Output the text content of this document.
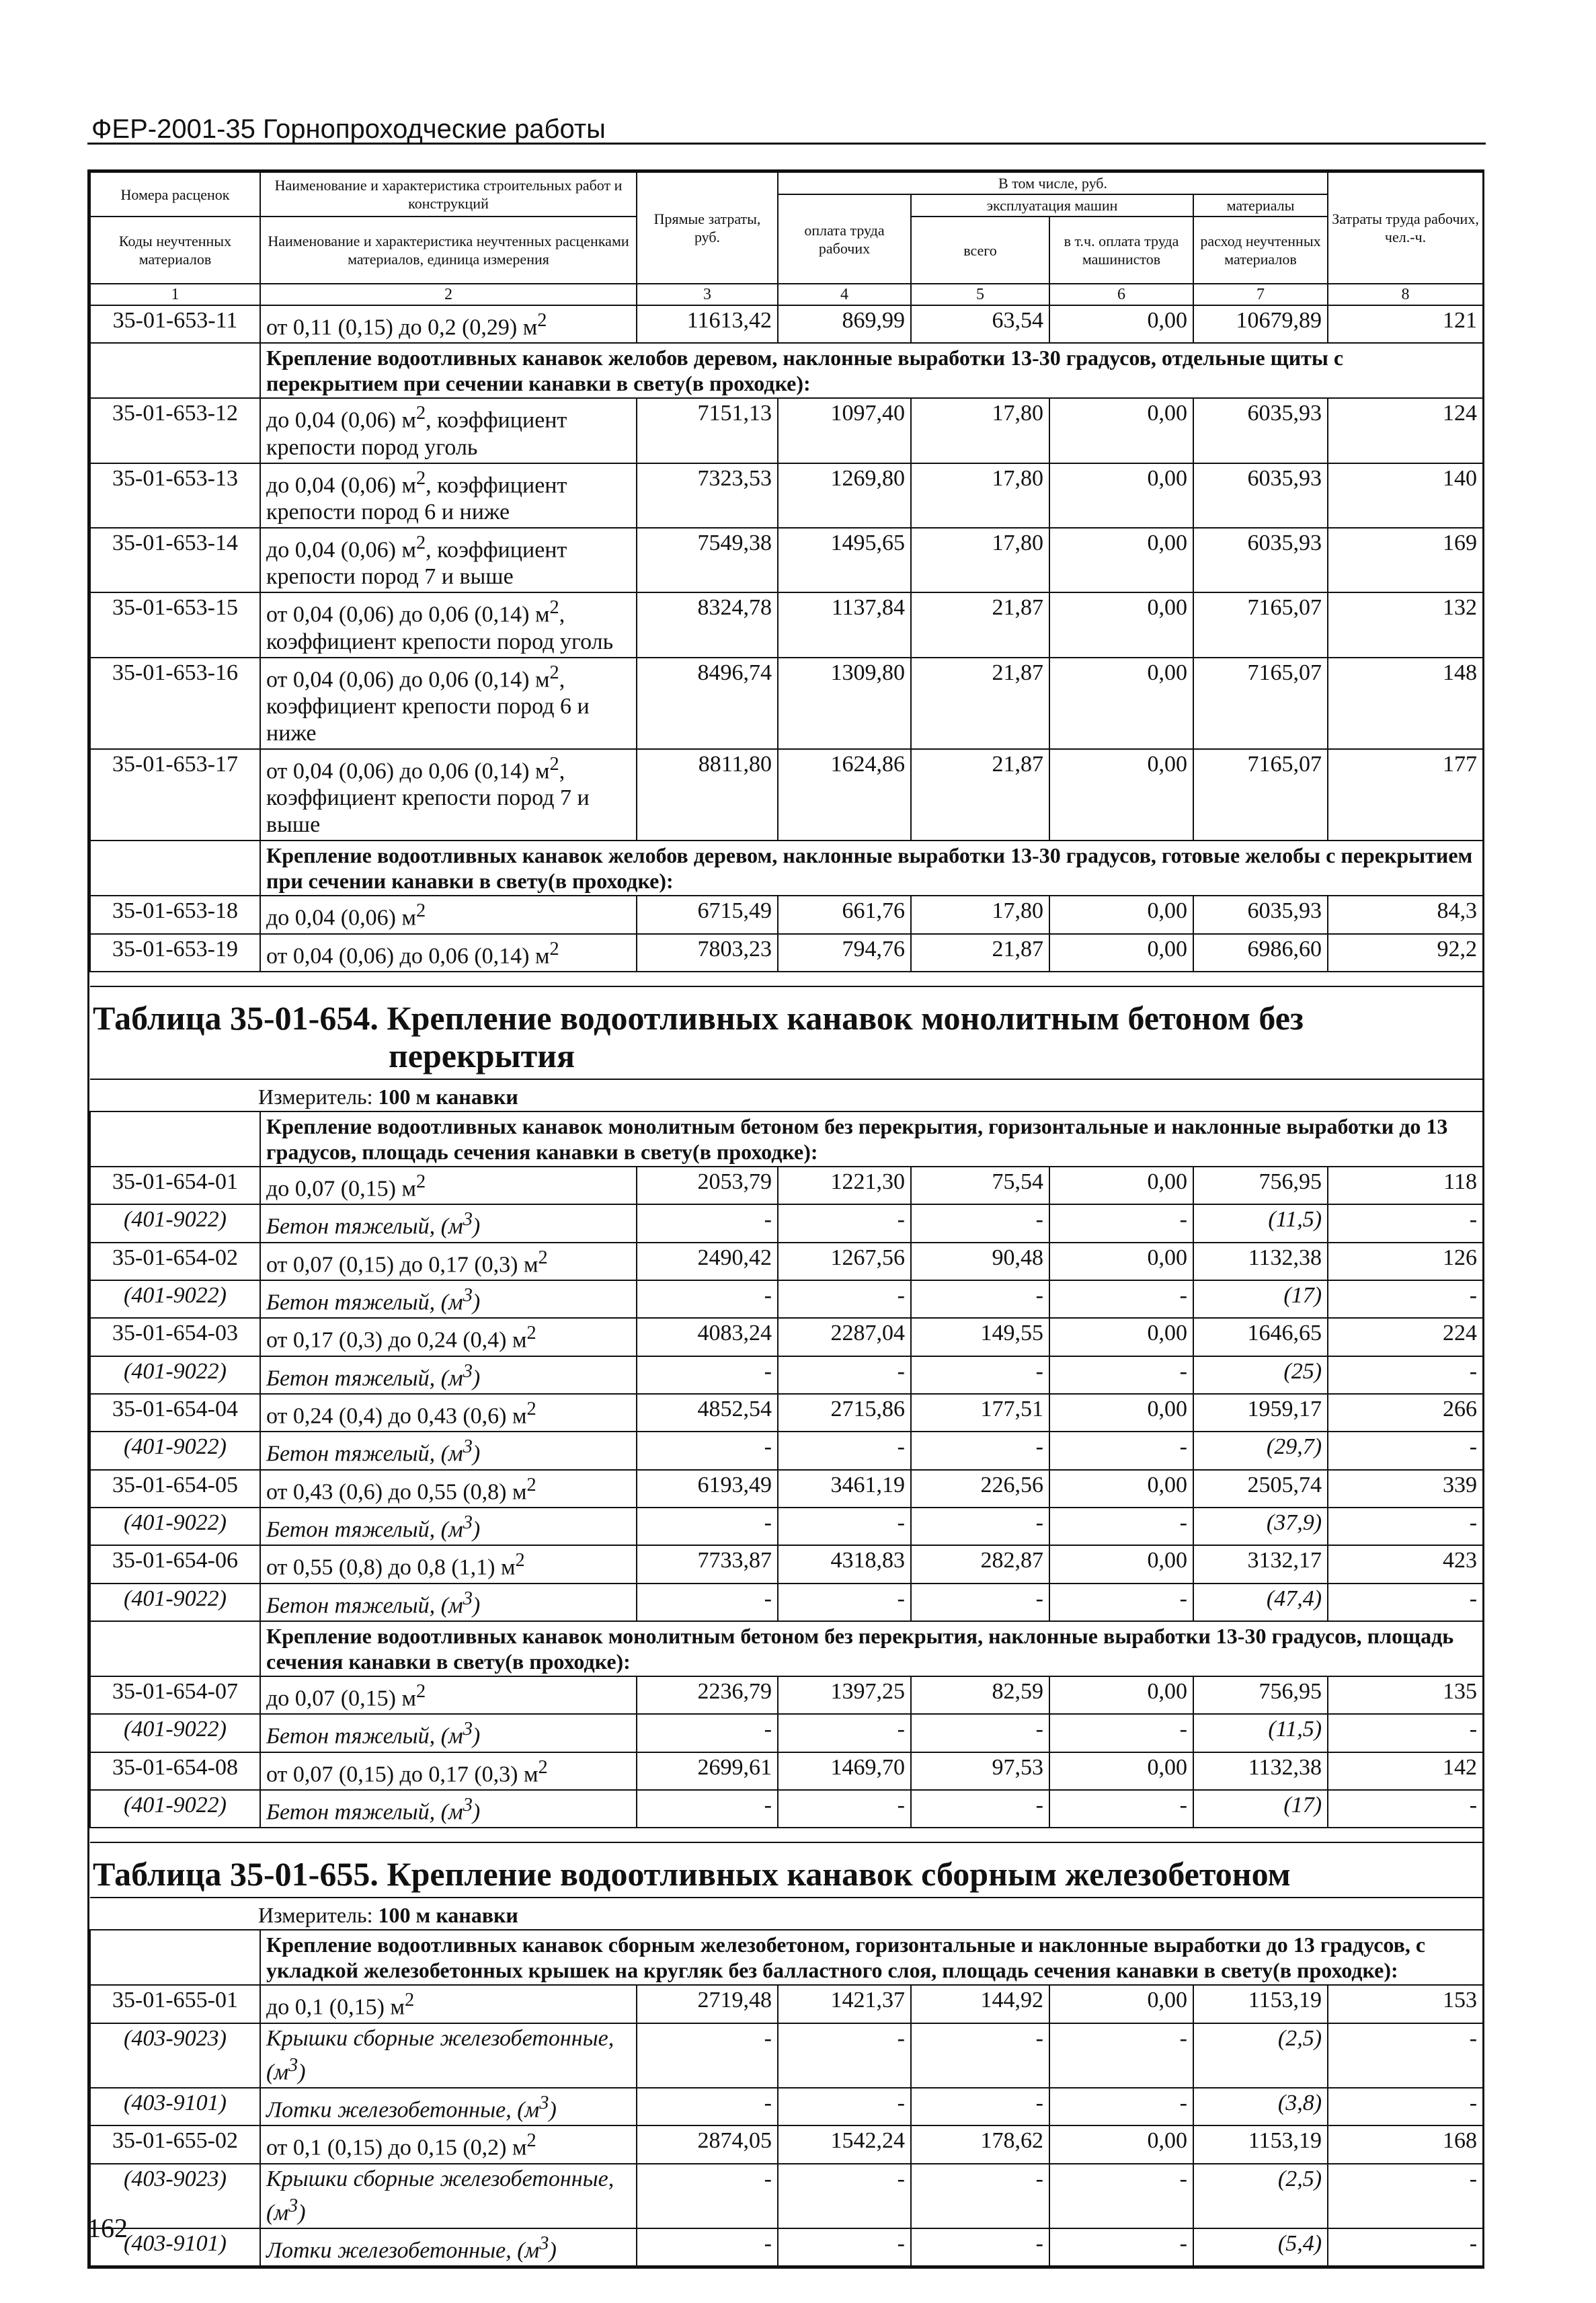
ФЕР-2001-35 Горнопроходческие работы
Номера расценок	Наименование и характеристика строительных работ и конструкций	Прямые затраты, руб.	В том числе, руб.				Затраты труда рабочих, чел.-ч.
			оплата труда рабочих	эксплуатация машин		материалы	
Коды неучтенных материалов	Наименование и характеристика неучтенных расценками материалов, единица измерения			всего	в т.ч. оплата труда машинистов	расход неучтенных материалов	

1	2	3	4	5	6	7	8
35-01-653-11	от 0,11 (0,15) до 0,2 (0,29) $м^2$	11613,42	869,99	63,54	0,00	10679,89	121
	Крепление водоотливных канавок желобов деревом, наклонные выработки 13-30 градусов, отдельные щиты с перекрытием при сечении канавки в свету(в проходке):						
35-01-653-12	до 0,04 (0,06) $м^2$, коэффициент крепости пород уголь	7151,13	1097,40	17,80	0,00	6035,93	124
35-01-653-13	до 0,04 (0,06) $м^2$, коэффициент крепости пород 6 и ниже	7323,53	1269,80	17,80	0,00	6035,93	140
35-01-653-14	до 0,04 (0,06) $м^2$, коэффициент крепости пород 7 и выше	7549,38	1495,65	17,80	0,00	6035,93	169
35-01-653-15	от 0,04 (0,06) до 0,06 (0,14) $м^2$, коэффициент крепости пород уголь	8324,78	1137,84	21,87	0,00	7165,07	132
35-01-653-16	от 0,04 (0,06) до 0,06 (0,14) $м^2$, коэффициент крепости пород 6 и ниже	8496,74	1309,80	21,87	0,00	7165,07	148
35-01-653-17	от 0,04 (0,06) до 0,06 (0,14) $м^2$, коэффициент крепости пород 7 и выше	8811,80	1624,86	21,87	0,00	7165,07	177
	Крепление водоотливных канавок желобов деревом, наклонные выработки 13-30 градусов, готовые желобы с перекрытием при сечении канавки в свету(в проходке):						
35-01-653-18	до 0,04 (0,06) $м^2$	6715,49	661,76	17,80	0,00	6035,93	84,3
35-01-653-19	от 0,04 (0,06) до 0,06 (0,14) $м^2$	7803,23	794,76	21,87	0,00	6986,60	92,2

Таблица 35-01-654. Крепление водоотливных канавок монолитным бетоном без
перекрытия							

Измеритель: 100 м канавки							
	Крепление водоотливных канавок монолитным бетоном без перекрытия, горизонтальные и наклонные выработки до 13 градусов, площадь сечения канавки в свету(в проходке):						
35-01-654-01	до 0,07 (0,15) $м^2$	2053,79	1221,30	75,54	0,00	756,95	118
(401-9022)	Бетон тяжелый, $(м^3)$	-	-	-	-	(11,5)	-
35-01-654-02	от 0,07 (0,15) до 0,17 (0,3) $м^2$	2490,42	1267,56	90,48	0,00	1132,38	126
(401-9022)	Бетон тяжелый, $(м^3)$	-	-	-	-	(17)	-
35-01-654-03	от 0,17 (0,3) до 0,24 (0,4) $м^2$	4083,24	2287,04	149,55	0,00	1646,65	224
(401-9022)	Бетон тяжелый, $(м^3)$	-	-	-	-	(25)	-
35-01-654-04	от 0,24 (0,4) до 0,43 (0,6) $м^2$	4852,54	2715,86	177,51	0,00	1959,17	266
(401-9022)	Бетон тяжелый, $(м^3)$	-	-	-	-	(29,7)	-
35-01-654-05	от 0,43 (0,6) до 0,55 (0,8) $м^2$	6193,49	3461,19	226,56	0,00	2505,74	339
(401-9022)	Бетон тяжелый, $(м^3)$	-	-	-	-	(37,9)	-
35-01-654-06	от 0,55 (0,8) до 0,8 (1,1) $м^2$	7733,87	4318,83	282,87	0,00	3132,17	423
(401-9022)	Бетон тяжелый, $(м^3)$	-	-	-	-	(47,4)	-
	Крепление водоотливных канавок монолитным бетоном без перекрытия, наклонные выработки 13-30 градусов, площадь сечения канавки в свету(в проходке):						
35-01-654-07	до 0,07 (0,15) $м^2$	2236,79	1397,25	82,59	0,00	756,95	135
(401-9022)	Бетон тяжелый, $(м^3)$	-	-	-	-	(11,5)	-
35-01-654-08	от 0,07 (0,15) до 0,17 (0,3) $м^2$	2699,61	1469,70	97,53	0,00	1132,38	142
(401-9022)	Бетон тяжелый, $(м^3)$	-	-	-	-	(17)	-

Таблица 35-01-655. Крепление водоотливных канавок сборным железобетоном							
Измеритель: 100 м канавки							
	Крепление водоотливных канавок сборным железобетоном, горизонтальные и наклонные выработки до 13 градусов, с укладкой железобетонных крышек на кругляк без балластного слоя, площадь сечения канавки в свету(в проходке):						
35-01-655-01	до 0,1 (0,15) $м^2$	2719,48	1421,37	144,92	0,00	1153,19	153
(403-9023)	Крышки сборные железобетонные, $(м^3)$	-	-	-	-	(2,5)	-
(403-9101)	Лотки железобетонные, $(м^3)$	-	-	-	-	(3,8)	-
35-01-655-02	от 0,1 (0,15) до 0,15 (0,2) $м^2$	2874,05	1542,24	178,62	0,00	1153,19	168
(403-9023)	Крышки сборные железобетонные, $(м^3)$	-	-	-	-	(2,5)	-
(403-9101)	Лотки железобетонные, $(м^3)$	-	-	-	-	(5,4)	-
162
